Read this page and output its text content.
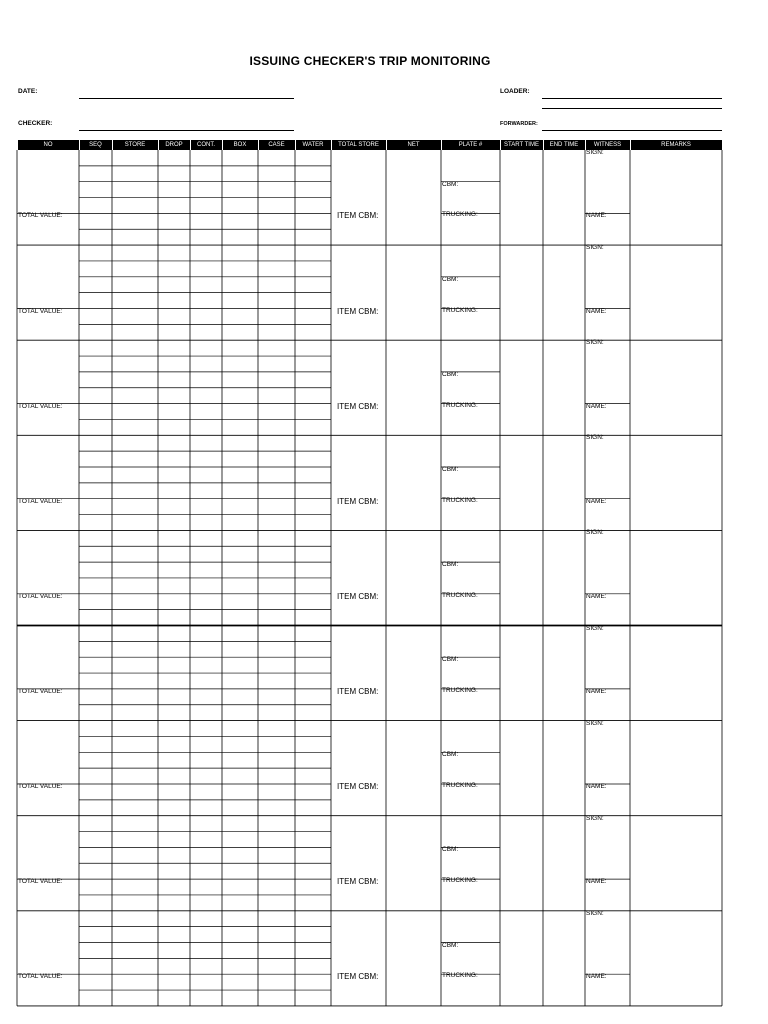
ISSUING CHECKER'S TRIP MONITORING
DATE:
CHECKER:
LOADER:
FORWARDER:
NO	SEQ	STORE	DROP	CONT.	BOX	CASE	WATER	TOTAL STORE	NET	PLATE #	START TIME	END TIME	WITNESS	REMARKS
TOTAL VALUE:	ITEM CBM:
CBM:
TRUCKING:
SIGN:
NAME:
TOTAL VALUE:	ITEM CBM:
CBM:
TRUCKING:
SIGN:
NAME:
TOTAL VALUE:	ITEM CBM:
CBM:
TRUCKING:
SIGN:
NAME:
TOTAL VALUE:	ITEM CBM:
CBM:
TRUCKING:
SIGN:
NAME:
TOTAL VALUE:	ITEM CBM:
CBM:
TRUCKING:
SIGN:
NAME:
TOTAL VALUE:	ITEM CBM:
CBM:
TRUCKING:
SIGN:
NAME:
TOTAL VALUE:	ITEM CBM:
CBM:
TRUCKING:
SIGN:
NAME:
TOTAL VALUE:	ITEM CBM:
CBM:
TRUCKING:
SIGN:
NAME:
TOTAL VALUE:	ITEM CBM:
CBM:
TRUCKING:
SIGN:
NAME:
